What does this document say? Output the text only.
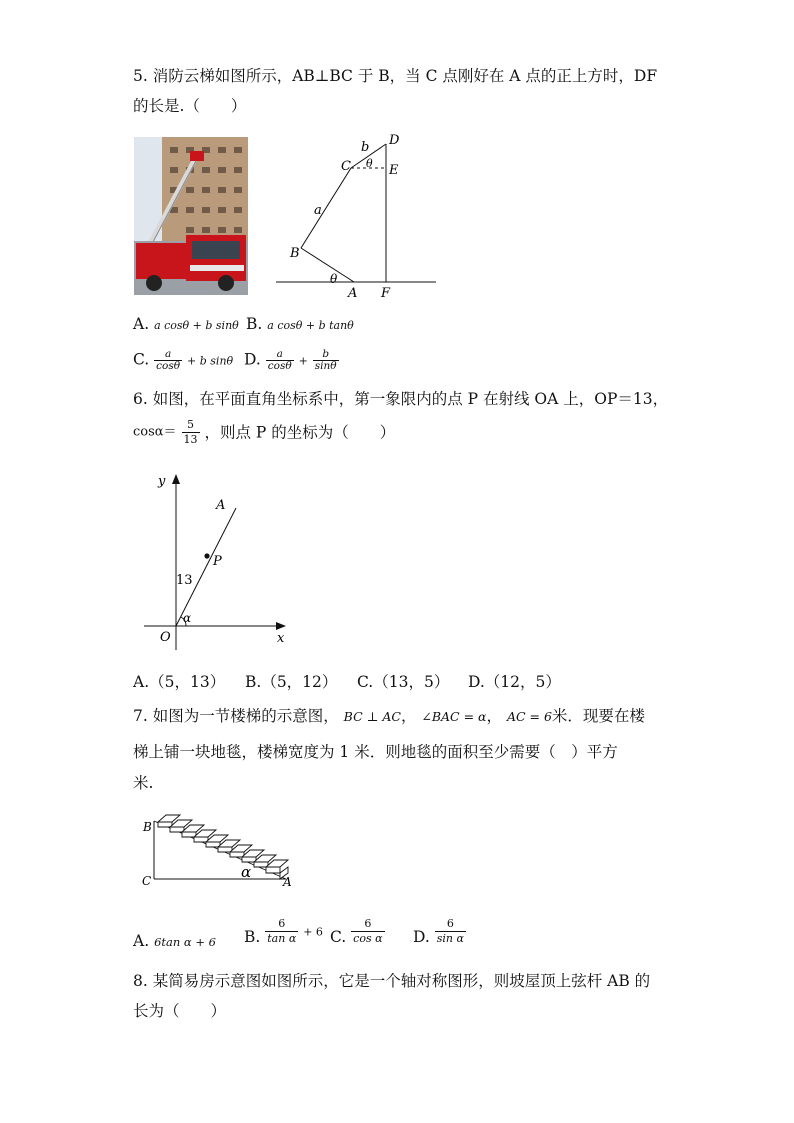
5. 消防云梯如图所示，AB⊥BC 于 B，当 C 点刚好在 A 点的正上方时，DF
的长是.（　　）
D
b
C θ E
a
B
θ
A F
A. a cosθ + b sinθ B. a cosθ + b tanθ
C. $\frac{a}{\cos\theta} + b$ sinθ D. $\frac{a}{\cos\theta} + \frac{b}{\sin\theta}$
6. 如图，在平面直角坐标系中，第一象限内的点 P 在射线 OA 上，OP＝13，
$\cos\alpha= \frac{5}{13}$ ，则点 P 的坐标为（　　）
y
A
P
13
α
O	x
A.（5，13） B.（5，12） C.（13，5） D.（12，5）
7. 如图为一节楼梯的示意图， BC ⊥ AC， ∠BAC = α， AC = 6米．现要在楼
梯上铺一块地毯，楼梯宽度为 1 米．则地毯的面积至少需要（　）平方
米.
B
C	α
A
A. 6tan α + 6 B. $\frac{6}{\text{tan α}} + 6$ C. $\frac{6}{\text{cos α}} D$. $\frac{6}{\text{sin α}}$
8. 某简易房示意图如图所示，它是一个轴对称图形，则坡屋顶上弦杆 AB 的
长为（　　）
